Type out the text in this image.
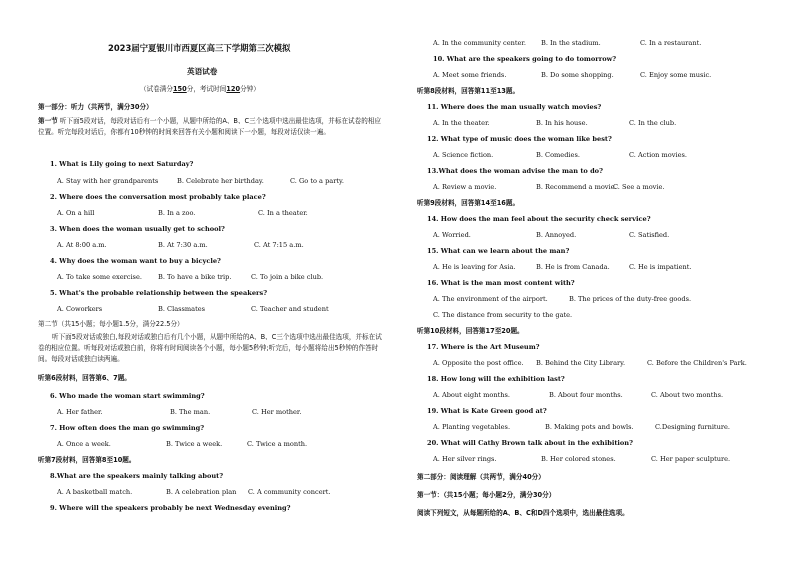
2023届宁夏银川市西夏区高三下学期第三次模拟
英语试卷
（试卷满分150分，考试时间120分钟）
第一部分：听力（共两节，满分30分）
第一节 听下面5段对话，每段对话后有一个小题，从题中所给的A、B、C三个选项中选出最佳选项，并标在试卷的相应位置。听完每段对话后，你都有10秒钟的时间来回答有关小题和阅读下一小题，每段对话仅读一遍。
1. What is Lily going to next Saturday?
A. Stay with her grandparents	B. Celebrate her birthday.	C. Go to a party.
2. Where does the conversation most probably take place?
A. On a hill	B. In a zoo.	C. In a theater.
3. When does the woman usually get to school?
A. At 8:00 a.m.	B. At 7:30 a.m.	C. At 7:15 a.m.
4. Why does the woman want to buy a bicycle?
A. To take some exercise. B. To have a bike trip.	C. To join a bike club.
5. What's the probable relationship between the speakers?
A. Coworkers	B. Classmates	C. Teacher and student
第二节（共15小题；每小题1.5分，满分22.5分）
听下面5段对话或独白,每段对话或独白后有几个小题，从题中所给的A、B、C三个选项中选出最佳选项，并标在试卷的相应位置。听每段对话或独白前，你将有时间阅读各个小题，每小题5秒钟;听完后，每小题将给出5秒钟的作答时间。每段对话或独白读两遍。
听第6段材料，回答第6、7题。
6. Who made the woman start swimming?
A. Her father.	B. The man.	C. Her mother.
7. How often does the man go swimming?
A. Once a week.	B. Twice a week.	C. Twice a month.
听第7段材料，回答第8至10题。
8.What are the speakers mainly talking about?
A. A basketball match.	B. A celebration plan C. A community concert.
9. Where will the speakers probably be next Wednesday evening?
A. In the community center. B. In the stadium.	C. In a restaurant.
10. What are the speakers going to do tomorrow?
A. Meet some friends.	B. Do some shopping.	C. Enjoy some music.
听第8段材料，回答第11至13题。
11. Where does the man usually watch movies?
A. In the theater.	B. In his house.	C. In the club.
12. What type of music does the woman like best?
A. Science fiction.	B. Comedies.	C. Action movies.
13.What does the woman advise the man to do?
A. Review a movie.	B. Recommend a movie.
C. See a movie.
听第9段材料，回答第14至16题。
14. How does the man feel about the security check service?
A. Worried.	B. Annoyed.	C. Satisfied.
15. What can we learn about the man?
A. He is leaving for Asia.	B. He is from Canada.	C. He is impatient.
16. What is the man most content with?
A. The environment of the airport.	B. The prices of the duty-free goods.
C. The distance from security to the gate.
听第10段材料，回答第17至20题。
17. Where is the Art Museum?
A. Opposite the post office. B. Behind the City Library.	C. Before the Children's Park.
18. How long will the exhibition last?
A. About eight months.	B. About four months.	C. About two months.
19. What is Kate Green good at?
A. Planting vegetables.	B. Making pots and bowls.	C.Designing furniture.
20. What will Cathy Brown talk about in the exhibition?
A. Her silver rings.	B. Her colored stones.	C. Her paper sculpture.
第二部分：阅读理解（共两节，满分40分）
第一节：（共15小题；每小题2分，满分30分）
阅读下列短文，从每题所给的A、B、C和D四个选项中，选出最佳选项。
